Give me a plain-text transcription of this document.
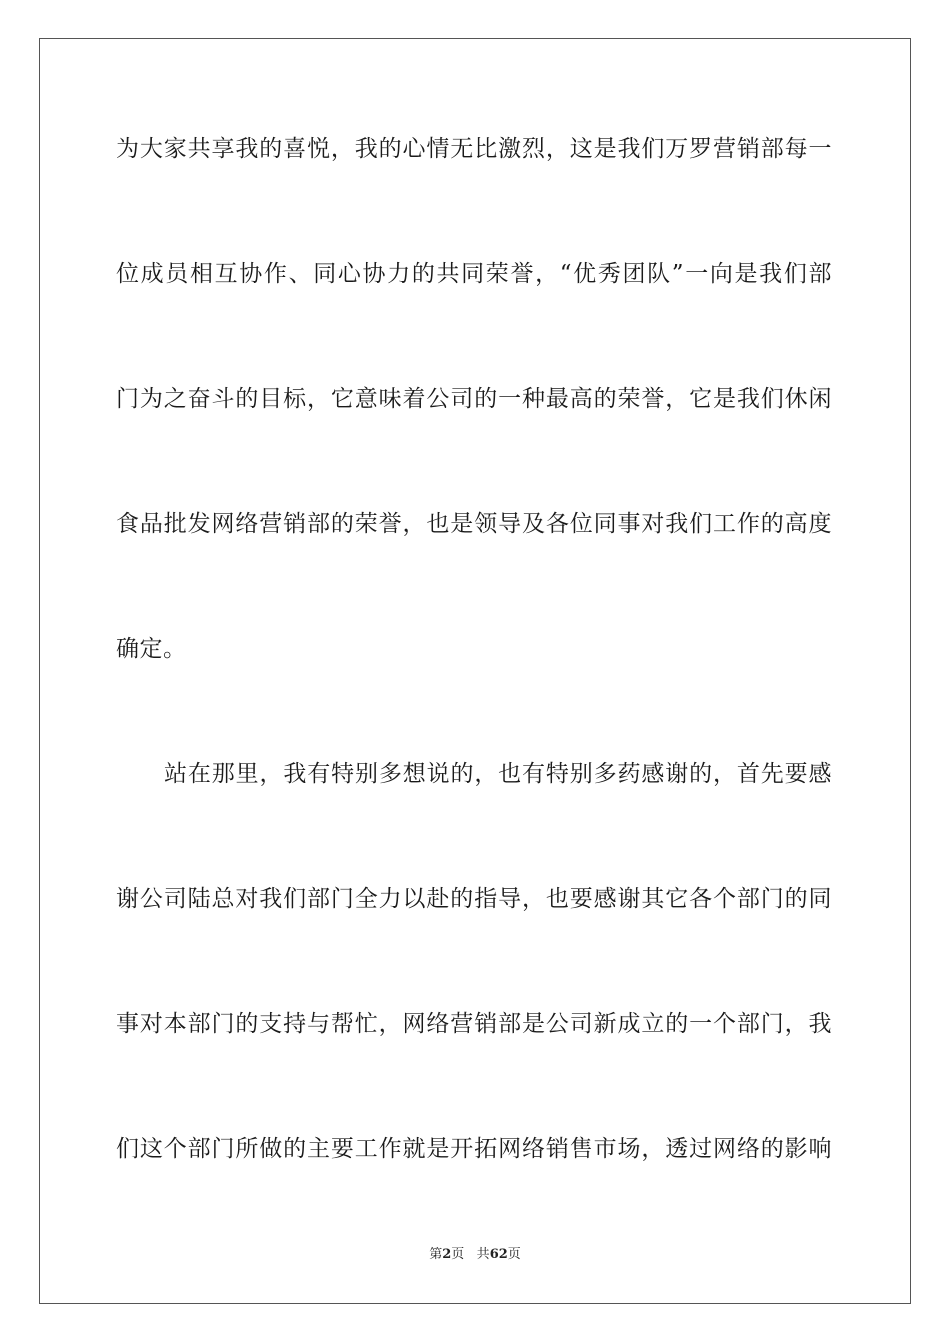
为大家共享我的喜悦，我的心情无比激烈，这是我们万罗营销部每一
位成员相互协作、同心协力的共同荣誉，“优秀团队”一向是我们部
门为之奋斗的目标，它意味着公司的一种最高的荣誉，它是我们休闲
食品批发网络营销部的荣誉，也是领导及各位同事对我们工作的高度
确定。
站在那里，我有特别多想说的，也有特别多药感谢的，首先要感
谢公司陆总对我们部门全力以赴的指导，也要感谢其它各个部门的同
事对本部门的支持与帮忙，网络营销部是公司新成立的一个部门，我
们这个部门所做的主要工作就是开拓网络销售市场，透过网络的影响
第2页 共62页
